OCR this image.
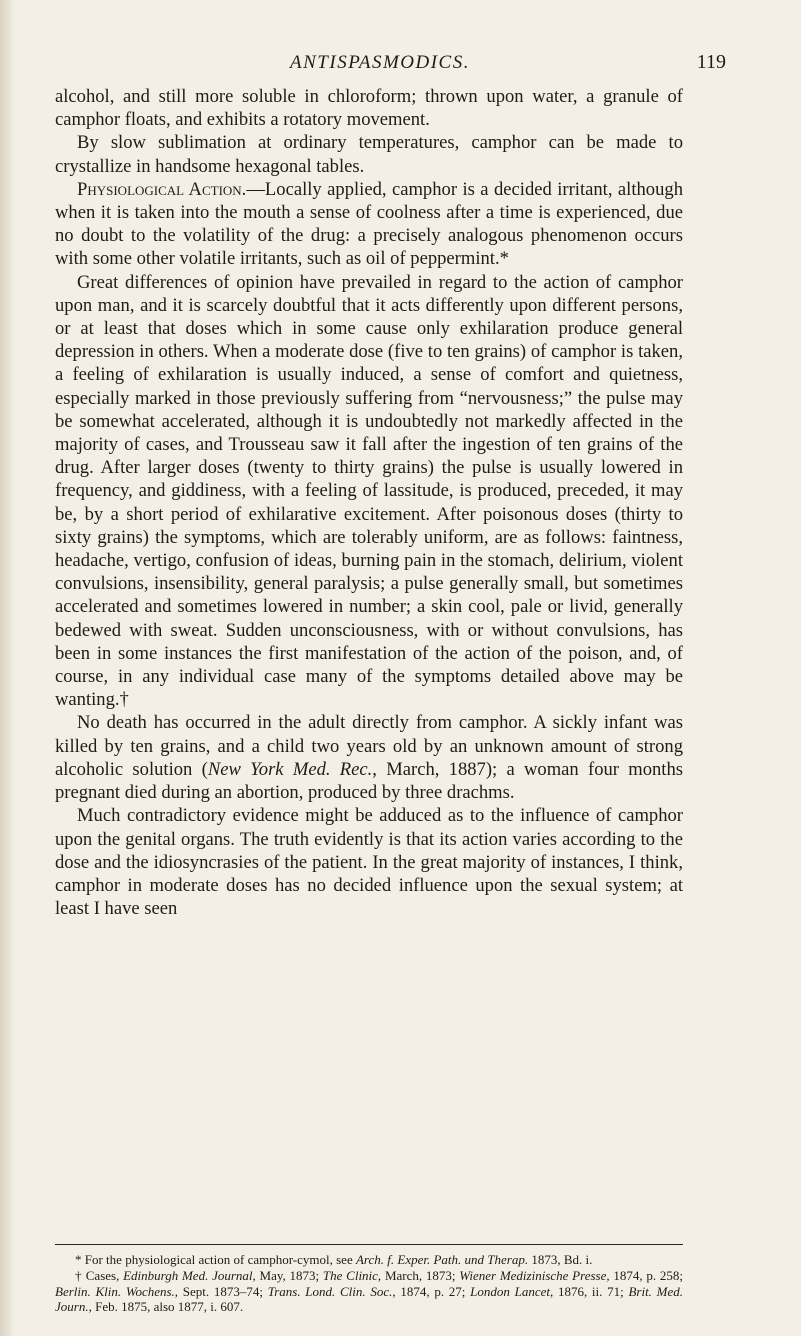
ANTISPASMODICS.	119

alcohol, and still more soluble in chloroform; thrown upon water, a granule of camphor floats, and exhibits a rotatory movement.

By slow sublimation at ordinary temperatures, camphor can be made to crystallize in handsome hexagonal tables.

Physiological Action.—Locally applied, camphor is a decided irritant, although when it is taken into the mouth a sense of coolness after a time is experienced, due no doubt to the volatility of the drug: a precisely analogous phenomenon occurs with some other volatile irritants, such as oil of peppermint.*

Great differences of opinion have prevailed in regard to the action of camphor upon man, and it is scarcely doubtful that it acts differently upon different persons, or at least that doses which in some cause only exhilaration produce general depression in others. When a moderate dose (five to ten grains) of camphor is taken, a feeling of exhilaration is usually induced, a sense of comfort and quietness, especially marked in those previously suffering from “nervousness;” the pulse may be somewhat accelerated, although it is undoubtedly not markedly affected in the majority of cases, and Trousseau saw it fall after the ingestion of ten grains of the drug. After larger doses (twenty to thirty grains) the pulse is usually lowered in frequency, and giddiness, with a feeling of lassitude, is produced, preceded, it may be, by a short period of exhilarative excitement. After poisonous doses (thirty to sixty grains) the symptoms, which are tolerably uniform, are as follows: faintness, headache, vertigo, confusion of ideas, burning pain in the stomach, delirium, violent convulsions, insensibility, general paralysis; a pulse generally small, but sometimes accelerated and sometimes lowered in number; a skin cool, pale or livid, generally bedewed with sweat. Sudden unconsciousness, with or without convulsions, has been in some instances the first manifestation of the action of the poison, and, of course, in any individual case many of the symptoms detailed above may be wanting.†

No death has occurred in the adult directly from camphor. A sickly infant was killed by ten grains, and a child two years old by an unknown amount of strong alcoholic solution (New York Med. Rec., March, 1887); a woman four months pregnant died during an abortion, produced by three drachms.

Much contradictory evidence might be adduced as to the influence of camphor upon the genital organs. The truth evidently is that its action varies according to the dose and the idiosyncrasies of the patient. In the great majority of instances, I think, camphor in moderate doses has no decided influence upon the sexual system; at least I have seen

* For the physiological action of camphor-cymol, see Arch. f. Exper. Path. und Therap. 1873, Bd. i.

† Cases, Edinburgh Med. Journal, May, 1873; The Clinic, March, 1873; Wiener Medizinische Presse, 1874, p. 258; Berlin. Klin. Wochens., Sept. 1873–74; Trans. Lond. Clin. Soc., 1874, p. 27; London Lancet, 1876, ii. 71; Brit. Med. Journ., Feb. 1875, also 1877, i. 607.
